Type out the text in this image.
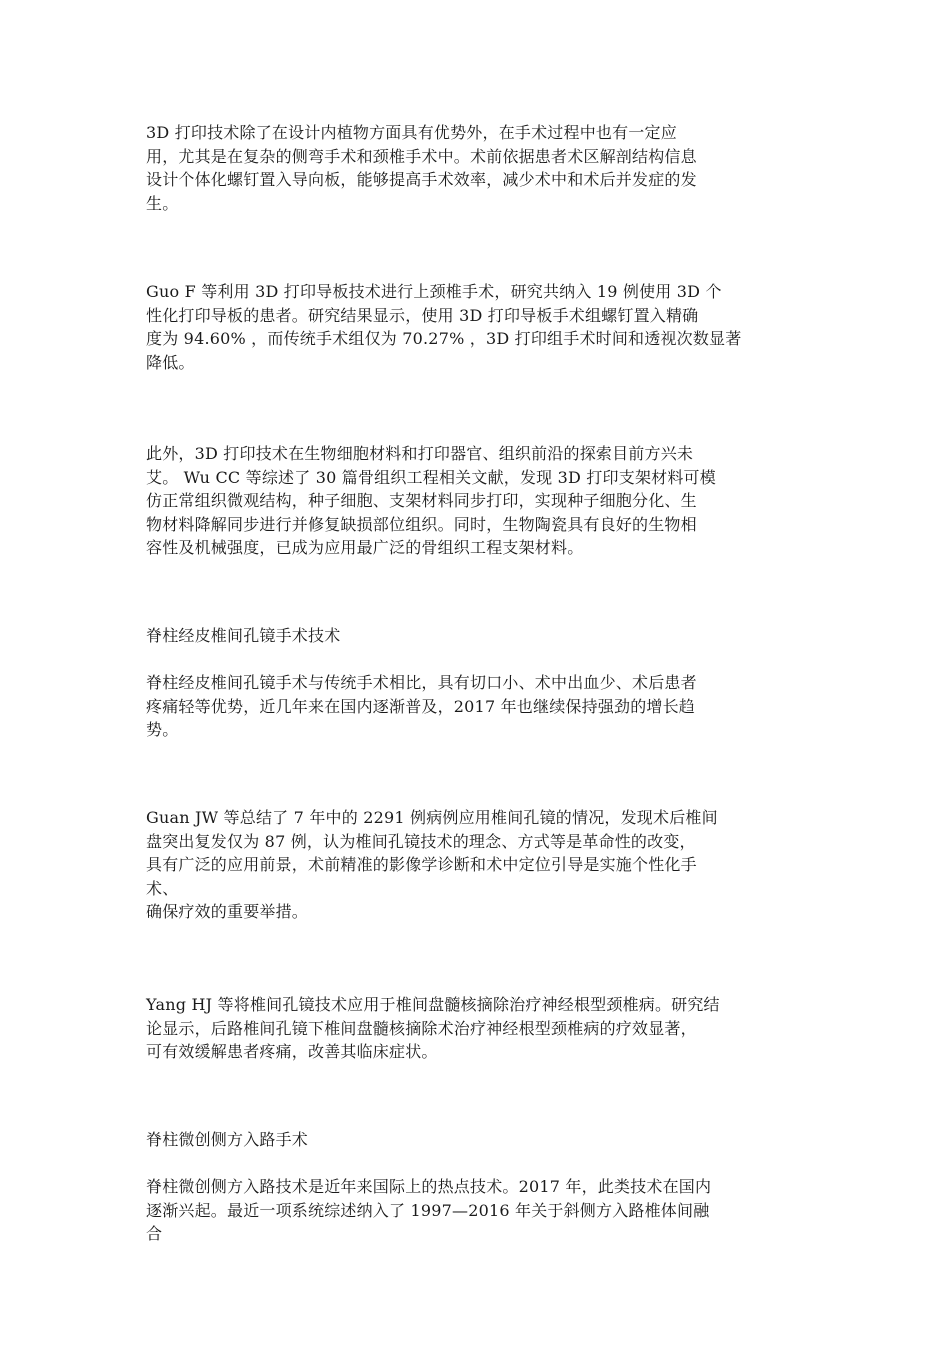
3D 打印技术除了在设计内植物方面具有优势外，在手术过程中也有一定应
用，尤其是在复杂的侧弯手术和颈椎手术中。术前依据患者术区解剖结构信息
设计个体化螺钉置入导向板，能够提高手术效率，减少术中和术后并发症的发
生。

Guo F 等利用 3D 打印导板技术进行上颈椎手术，研究共纳入 19 例使用 3D 个
性化打印导板的患者。研究结果显示，使用 3D 打印导板手术组螺钉置入精确
度为 94.60% ，而传统手术组仅为 70.27% ，3D 打印组手术时间和透视次数显著
降低。

此外，3D 打印技术在生物细胞材料和打印器官、组织前沿的探索目前方兴未
艾。 Wu CC 等综述了 30 篇骨组织工程相关文献，发现 3D 打印支架材料可模
仿正常组织微观结构，种子细胞、支架材料同步打印，实现种子细胞分化、生
物材料降解同步进行并修复缺损部位组织。同时，生物陶瓷具有良好的生物相
容性及机械强度，已成为应用最广泛的骨组织工程支架材料。

脊柱经皮椎间孔镜手术技术

脊柱经皮椎间孔镜手术与传统手术相比，具有切口小、术中出血少、术后患者
疼痛轻等优势，近几年来在国内逐渐普及，2017 年也继续保持强劲的增长趋
势。

Guan JW 等总结了 7 年中的 2291 例病例应用椎间孔镜的情况，发现术后椎间
盘突出复发仅为 87 例，认为椎间孔镜技术的理念、方式等是革命性的改变，
具有广泛的应用前景，术前精准的影像学诊断和术中定位引导是实施个性化手
术、
确保疗效的重要举措。

Yang HJ 等将椎间孔镜技术应用于椎间盘髓核摘除治疗神经根型颈椎病。研究结
论显示，后路椎间孔镜下椎间盘髓核摘除术治疗神经根型颈椎病的疗效显著，
可有效缓解患者疼痛，改善其临床症状。

脊柱微创侧方入路手术

脊柱微创侧方入路技术是近年来国际上的热点技术。2017 年，此类技术在国内
逐渐兴起。最近一项系统综述纳入了 1997—2016 年关于斜侧方入路椎体间融
合
